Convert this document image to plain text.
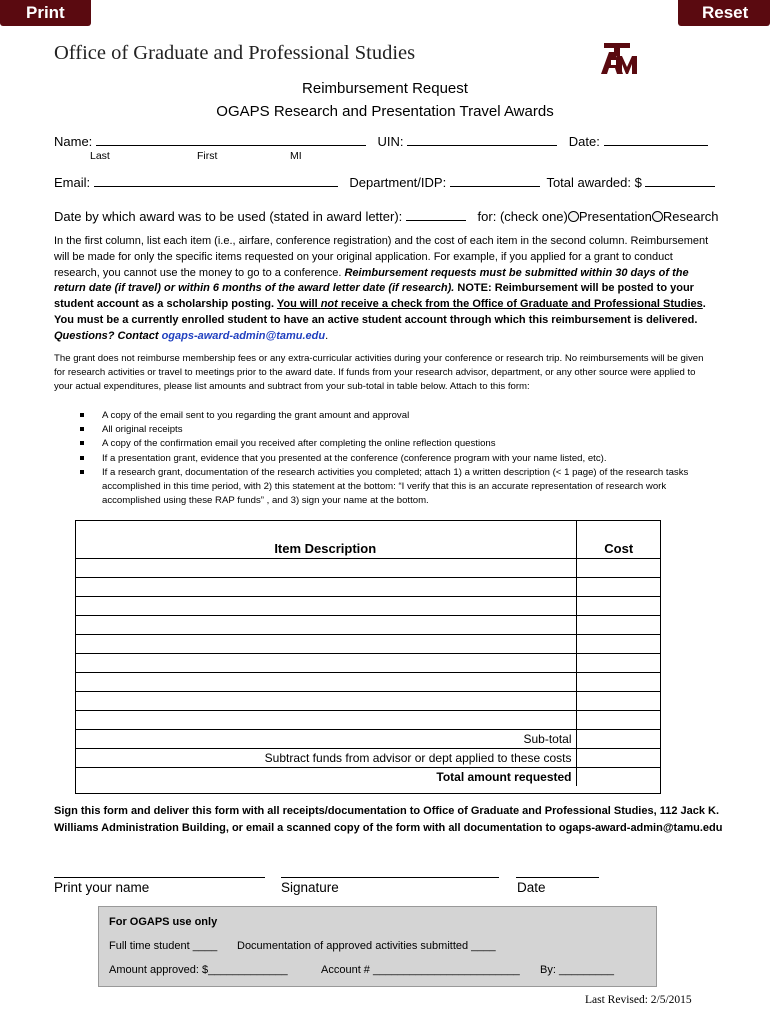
Print	Reset
Office of Graduate and Professional Studies
Reimbursement Request
OGAPS Research and Presentation Travel Awards
Name:	UIN:	Date:
Last	First	MI
Email:	Department/IDP:	Total awarded: $
Date by which award was to be used (stated in award letter):	for: (check one) Presentation Research
In the first column, list each item (i.e., airfare, conference registration) and the cost of each item in the second column. Reimbursement will be made for only the specific items requested on your original application. For example, if you applied for a grant to conduct research, you cannot use the money to go to a conference. Reimbursement requests must be submitted within 30 days of the return date (if travel) or within 6 months of the award letter date (if research). NOTE: Reimbursement will be posted to your student account as a scholarship posting. You will not receive a check from the Office of Graduate and Professional Studies. You must be a currently enrolled student to have an active student account through which this reimbursement is delivered. Questions? Contact ogaps-award-admin@tamu.edu.
The grant does not reimburse membership fees or any extra-curricular activities during your conference or research trip. No reimbursements will be given for research activities or travel to meetings prior to the award date. If funds from your research advisor, department, or any other source were applied to your actual expenditures, please list amounts and subtract from your sub-total in table below. Attach to this form:
A copy of the email sent to you regarding the grant amount and approval
All original receipts
A copy of the confirmation email you received after completing the online reflection questions
If a presentation grant, evidence that you presented at the conference (conference program with your name listed, etc).
If a research grant, documentation of the research activities you completed; attach 1) a written description (< 1 page) of the research tasks accomplished in this time period, with 2) this statement at the bottom: “I verify that this is an accurate representation of research work accomplished using these RAP funds” , and 3) sign your name at the bottom.
Item Description	Cost

Sub-total	
Subtract funds from advisor or dept applied to these costs	
Total amount requested	
Sign this form and deliver this form with all receipts/documentation to Office of Graduate and Professional Studies, 112 Jack K. Williams Administration Building, or email a scanned copy of the form with all documentation to ogaps-award-admin@tamu.edu
Print your name	Signature	Date
For OGAPS use only
Full time student ____ Documentation of approved activities submitted ____
Amount approved: $_____________	Account # ________________________ By: _________
Last Revised: 2/5/2015
